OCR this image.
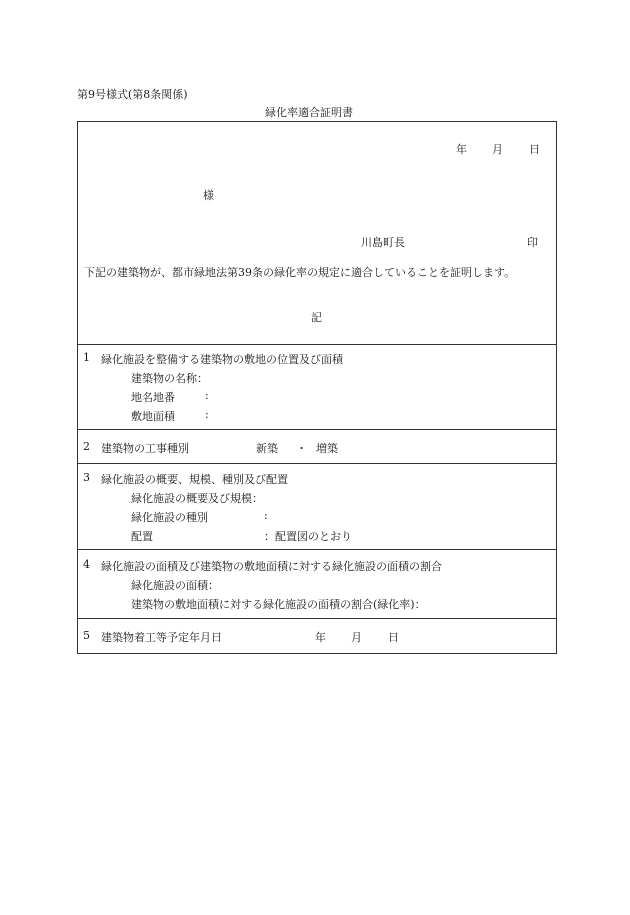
第9号様式(第8条関係)
緑化率適合証明書
年 月 日
様
川島町長	印
下記の建築物が、都市緑地法第39条の緑化率の規定に適合していることを証明します。
記
1 緑化施設を整備する建築物の敷地の位置及び面積
建築物の名称：
地名地番	:
敷地面積	:
2 建築物の工事種別	新築 ・ 増築
3 緑化施設の概要、規模、種別及び配置
緑化施設の概要及び規模：
緑化施設の種別	:
配置	：配置図のとおり
4 緑化施設の面積及び建築物の敷地面積に対する緑化施設の面積の割合
緑化施設の面積：
建築物の敷地面積に対する緑化施設の面積の割合(緑化率)：
5 建築物着工等予定年月日	年 月 日
